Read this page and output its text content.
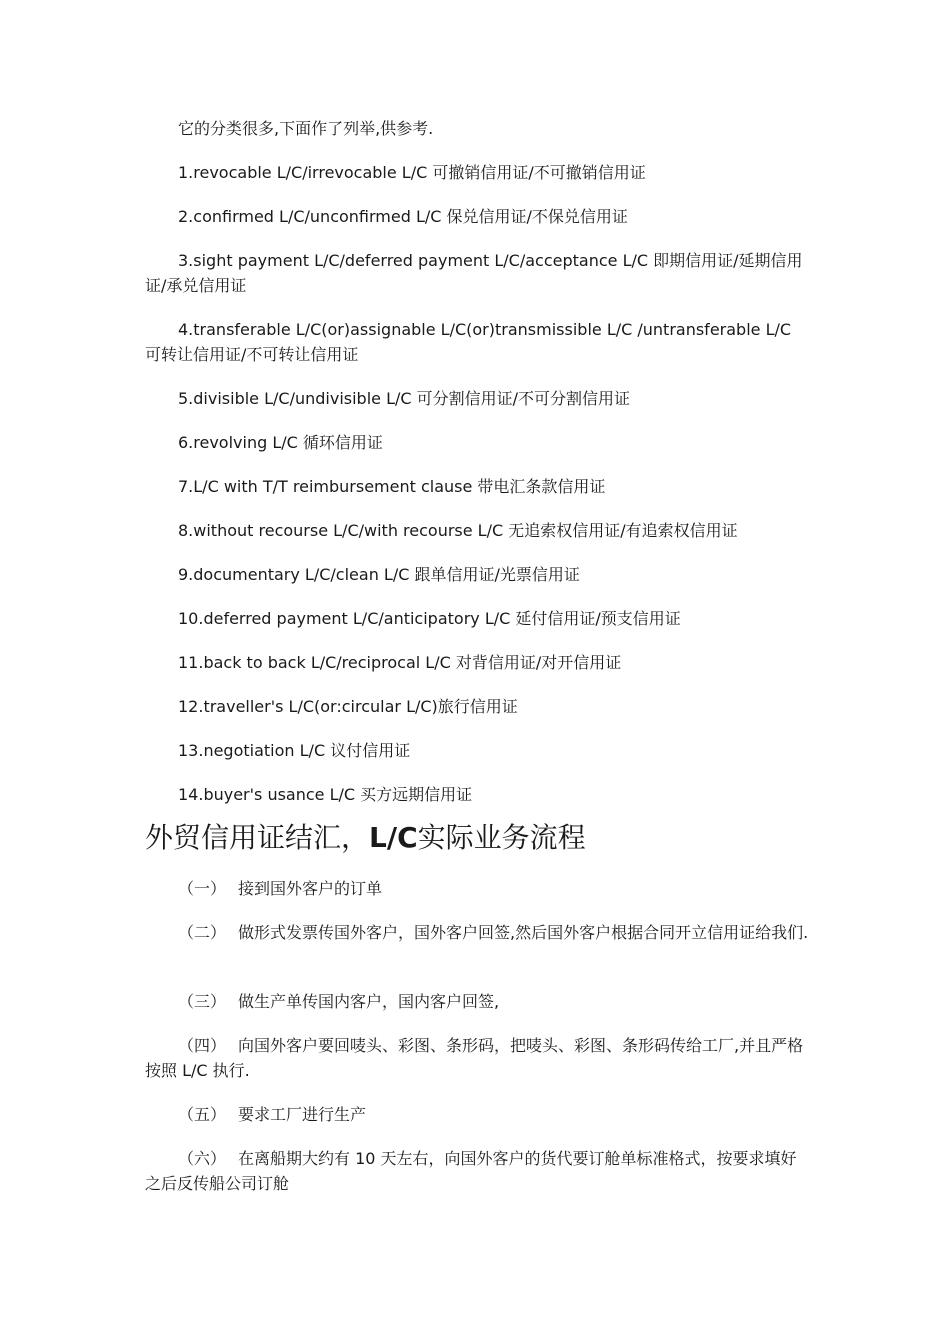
它的分类很多,下面作了列举,供参考.
1.revocable L/C/irrevocable L/C 可撤销信用证/不可撤销信用证
2.confirmed L/C/unconfirmed L/C 保兑信用证/不保兑信用证
3.sight payment L/C/deferred payment L/C/acceptance L/C 即期信用证/延期信用证/承兑信用证
4.transferable L/C(or)assignable L/C(or)transmissible L/C /untransferable L/C 可转让信用证/不可转让信用证
5.divisible L/C/undivisible L/C 可分割信用证/不可分割信用证
6.revolving L/C 循环信用证
7.L/C with T/T reimbursement clause 带电汇条款信用证
8.without recourse L/C/with recourse L/C 无追索权信用证/有追索权信用证
9.documentary L/C/clean L/C 跟单信用证/光票信用证
10.deferred payment L/C/anticipatory L/C 延付信用证/预支信用证
11.back to back L/C/reciprocal L/C 对背信用证/对开信用证
12.traveller's L/C(or:circular L/C)旅行信用证
13.negotiation L/C 议付信用证
14.buyer's usance L/C 买方远期信用证
外贸信用证结汇，L/C实际业务流程
（一） 接到国外客户的订单
（二） 做形式发票传国外客户，国外客户回签,然后国外客户根据合同开立信用证给我们.
（三） 做生产单传国内客户，国内客户回签,
（四） 向国外客户要回唛头、彩图、条形码，把唛头、彩图、条形码传给工厂,并且严格按照 L/C 执行.
（五） 要求工厂进行生产
（六） 在离船期大约有 10 天左右，向国外客户的货代要订舱单标准格式，按要求填好之后反传船公司订舱
